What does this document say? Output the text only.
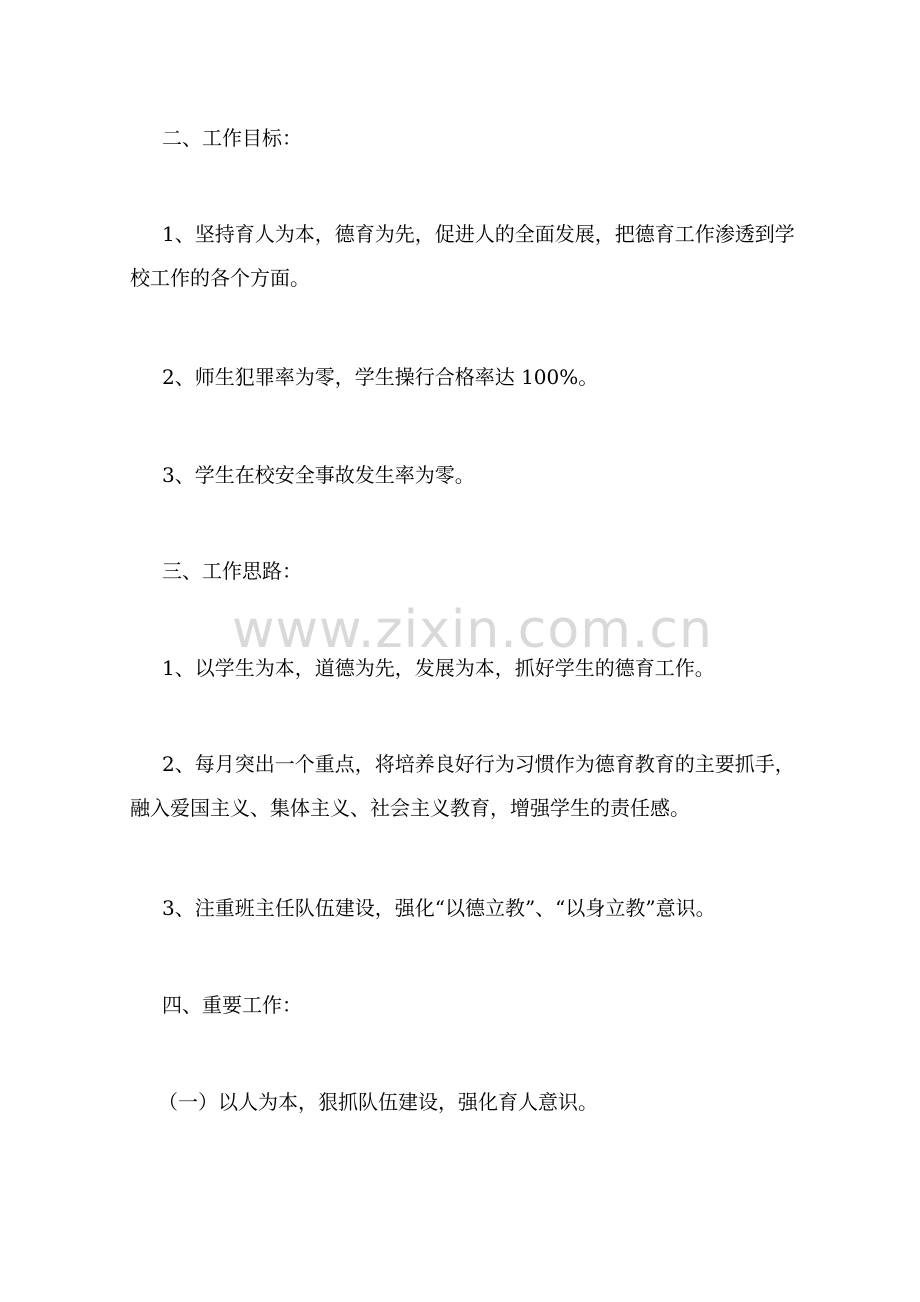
二、工作目标：
1、坚持育人为本，德育为先，促进人的全面发展，把德育工作渗透到学校工作的各个方面。
2、师生犯罪率为零，学生操行合格率达 100%。
3、学生在校安全事故发生率为零。
三、工作思路：
1、以学生为本，道德为先，发展为本，抓好学生的德育工作。
2、每月突出一个重点，将培养良好行为习惯作为德育教育的主要抓手，融入爱国主义、集体主义、社会主义教育，增强学生的责任感。
3、注重班主任队伍建设，强化“以德立教”、“以身立教”意识。
四、重要工作：
（一）以人为本，狠抓队伍建设，强化育人意识。
www.zixin.com.cn
